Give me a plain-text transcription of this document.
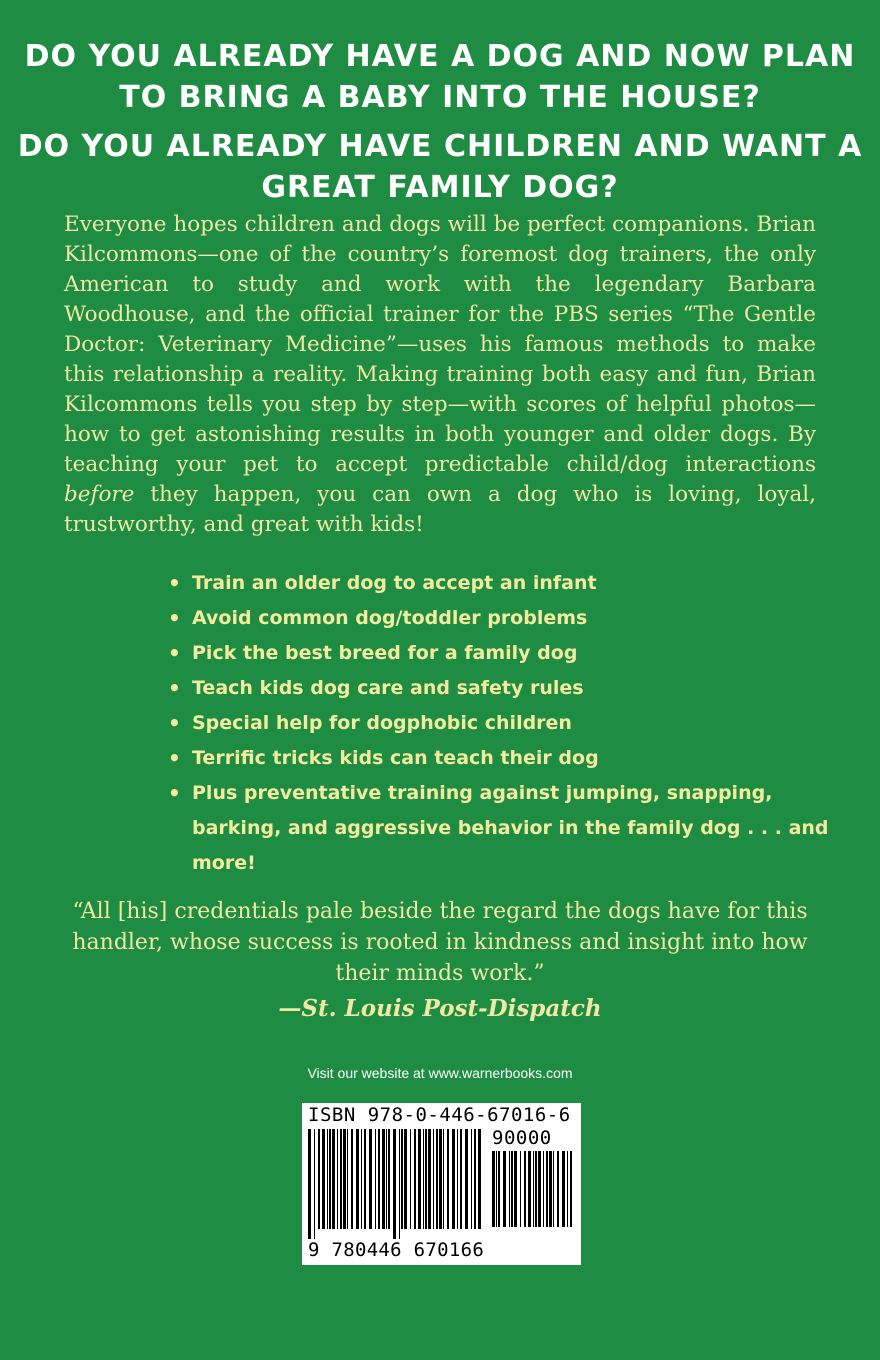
DO YOU ALREADY HAVE A DOG AND NOW PLAN TO BRING A BABY INTO THE HOUSE?
DO YOU ALREADY HAVE CHILDREN AND WANT A GREAT FAMILY DOG?

Everyone hopes children and dogs will be perfect companions. Brian Kilcommons—one of the country’s foremost dog trainers, the only American to study and work with the legendary Barbara Woodhouse, and the official trainer for the PBS series “The Gentle Doctor: Veterinary Medicine”—uses his famous methods to make this relationship a reality. Making training both easy and fun, Brian Kilcommons tells you step by step—with scores of helpful photos—how to get astonishing results in both younger and older dogs. By teaching your pet to accept predictable child/dog interactions before they happen, you can own a dog who is loving, loyal, trustworthy, and great with kids!

• Train an older dog to accept an infant
• Avoid common dog/toddler problems
• Pick the best breed for a family dog
• Teach kids dog care and safety rules
• Special help for dogphobic children
• Terrific tricks kids can teach their dog
• Plus preventative training against jumping, snapping, barking, and aggressive behavior in the family dog . . . and more!

“All [his] credentials pale beside the regard the dogs have for this handler, whose success is rooted in kindness and insight into how their minds work.”

—St. Louis Post-Dispatch

Visit our website at www.warnerbooks.com

ISBN 978-0-446-67016-6
90000
9 780446 670166
